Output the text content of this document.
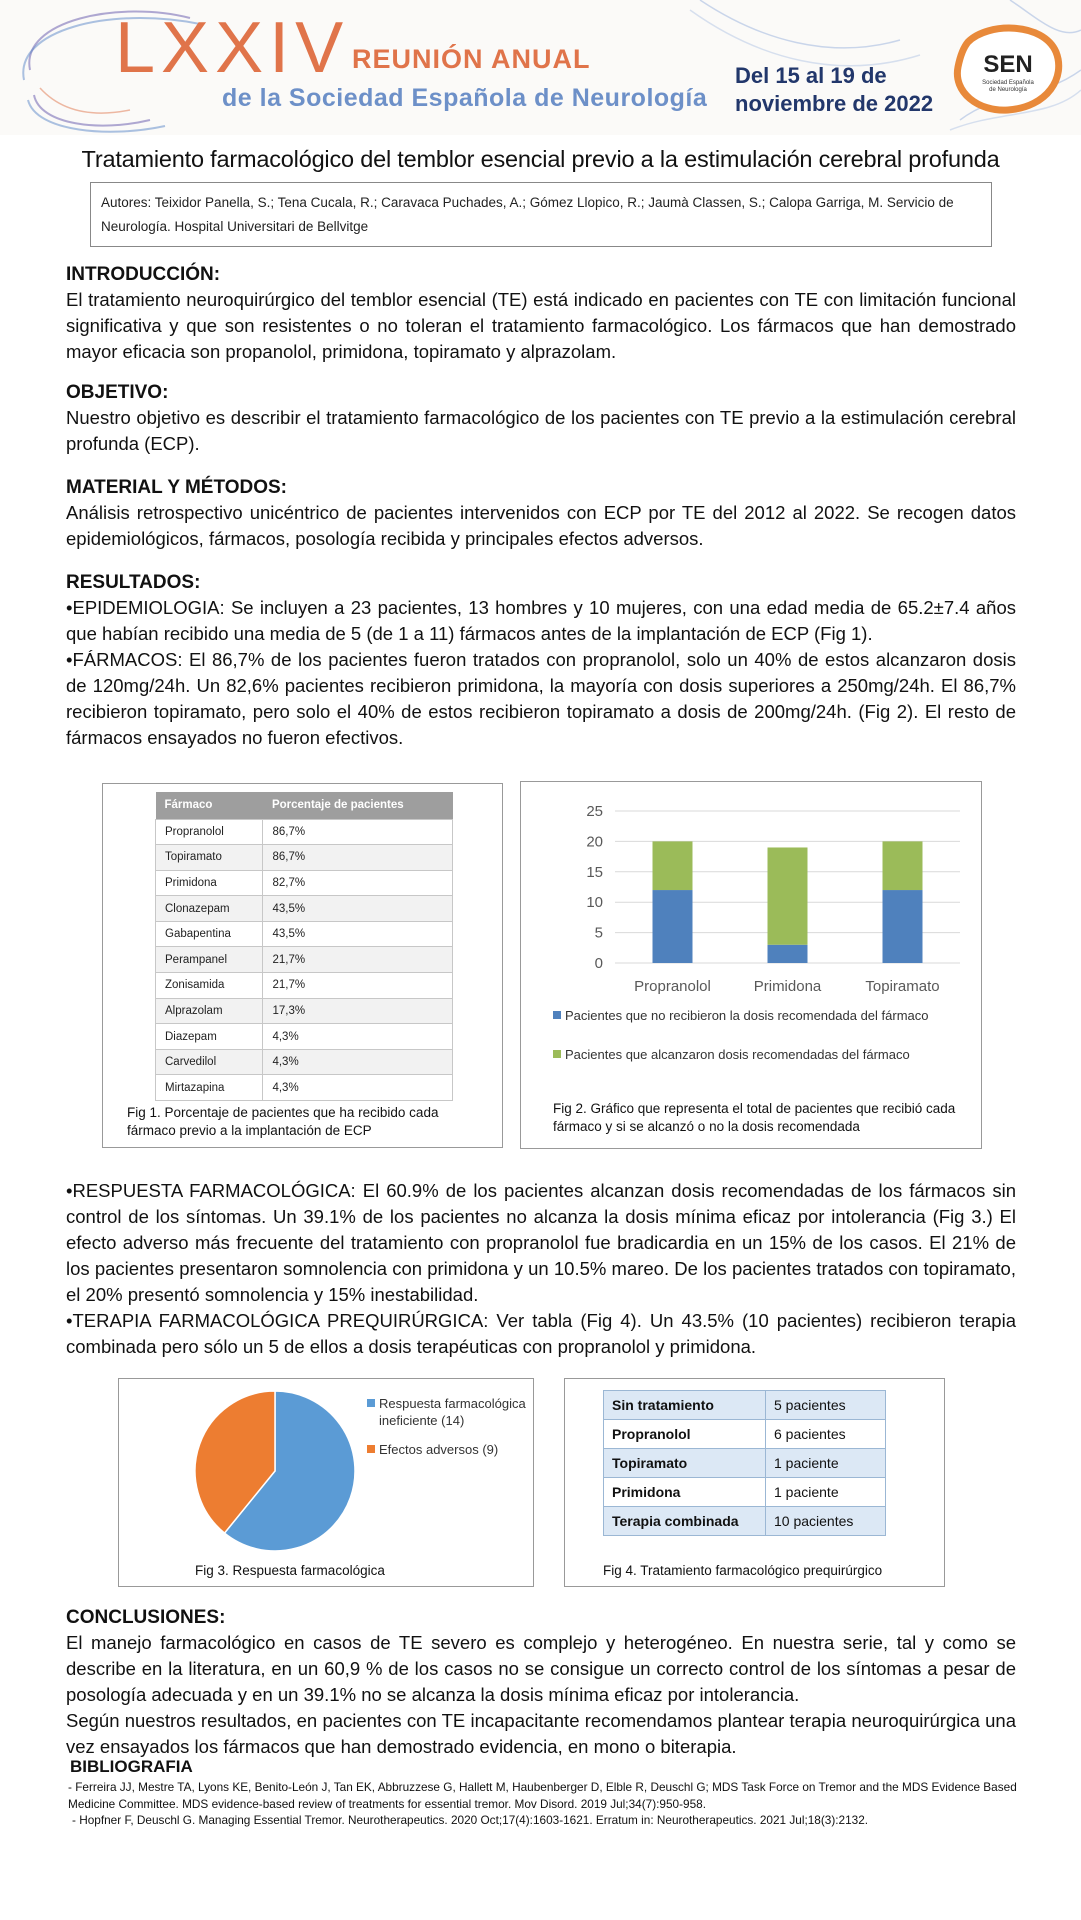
LXXIV REUNIÓN ANUAL
de la Sociedad Española de Neurología
Del 15 al 19 de
noviembre de 2022
SEN
Sociedad Española
de Neurología
Tratamiento farmacológico del temblor esencial previo a la estimulación cerebral profunda
Autores: Teixidor Panella, S.; Tena Cucala, R.; Caravaca Puchades, A.; Gómez Llopico, R.; Jaumà Classen, S.; Calopa Garriga, M. Servicio de Neurología. Hospital Universitari de Bellvitge
INTRODUCCIÓN:
El tratamiento neuroquirúrgico del temblor esencial (TE) está indicado en pacientes con TE con limitación funcional significativa y que son resistentes o no toleran el tratamiento farmacológico. Los fármacos que han demostrado mayor eficacia son propanolol, primidona, topiramato y alprazolam.
OBJETIVO:
Nuestro objetivo es describir el tratamiento farmacológico de los pacientes con TE previo a la estimulación cerebral profunda (ECP).
MATERIAL Y MÉTODOS:
Análisis retrospectivo unicéntrico de pacientes intervenidos con ECP por TE del 2012 al 2022. Se recogen datos epidemiológicos, fármacos, posología recibida y principales efectos adversos.
RESULTADOS:
•EPIDEMIOLOGIA: Se incluyen a 23 pacientes, 13 hombres y 10 mujeres, con una edad media de 65.2±7.4 años que habían recibido una media de 5 (de 1 a 11) fármacos antes de la implantación de ECP (Fig 1).
•FÁRMACOS: El 86,7% de los pacientes fueron tratados con propranolol, solo un 40% de estos alcanzaron dosis de 120mg/24h. Un 82,6% pacientes recibieron primidona, la mayoría con dosis superiores a 250mg/24h. El 86,7% recibieron topiramato, pero solo el 40% de estos recibieron topiramato a dosis de 200mg/24h. (Fig 2). El resto de fármacos ensayados no fueron efectivos.
Fármaco	Porcentaje de pacientes
Propranolol	86,7%
Topiramato	86,7%
Primidona	82,7%
Clonazepam	43,5%
Gabapentina	43,5%
Perampanel	21,7%
Zonisamida	21,7%
Alprazolam	17,3%
Diazepam	4,3%
Carvedilol	4,3%
Mirtazapina	4,3%
Fig 1. Porcentaje de pacientes que ha recibido cada fármaco previo a la implantación de ECP
0
5
10
15
20
25
Propranolol	Primidona	Topiramato
Pacientes que no recibieron la dosis recomendada del fármaco
Pacientes que alcanzaron dosis recomendadas del fármaco
Fig 2. Gráfico que representa el total de pacientes que recibió cada fármaco y si se alcanzó o no la dosis recomendada
•RESPUESTA FARMACOLÓGICA: El 60.9% de los pacientes alcanzan dosis recomendadas de los fármacos sin control de los síntomas. Un 39.1% de los pacientes no alcanza la dosis mínima eficaz por intolerancia (Fig 3.) El efecto adverso más frecuente del tratamiento con propranolol fue bradicardia en un 15% de los casos. El 21% de los pacientes presentaron somnolencia con primidona y un 10.5% mareo. De los pacientes tratados con topiramato, el 20% presentó somnolencia y 15% inestabilidad.
•TERAPIA FARMACOLÓGICA PREQUIRÚRGICA: Ver tabla (Fig 4). Un 43.5% (10 pacientes) recibieron terapia combinada pero sólo un 5 de ellos a dosis terapéuticas con propranolol y primidona.
Respuesta farmacológica ineficiente (14)
Efectos adversos (9)
Fig 3. Respuesta farmacológica
Sin tratamiento	5 pacientes
Propranolol	6 pacientes
Topiramato	1 paciente
Primidona	1 paciente
Terapia combinada	10 pacientes
Fig 4. Tratamiento farmacológico prequirúrgico
CONCLUSIONES:
El manejo farmacológico en casos de TE severo es complejo y heterogéneo. En nuestra serie, tal y como se describe en la literatura, en un 60,9 % de los casos no se consigue un correcto control de los síntomas a pesar de posología adecuada y en un 39.1% no se alcanza la dosis mínima eficaz por intolerancia.
Según nuestros resultados, en pacientes con TE incapacitante recomendamos plantear terapia neuroquirúrgica una vez ensayados los fármacos que han demostrado evidencia, en mono o biterapia.
BIBLIOGRAFIA
- Ferreira JJ, Mestre TA, Lyons KE, Benito-León J, Tan EK, Abbruzzese G, Hallett M, Haubenberger D, Elble R, Deuschl G; MDS Task Force on Tremor and the MDS Evidence Based Medicine Committee. MDS evidence-based review of treatments for essential tremor. Mov Disord. 2019 Jul;34(7):950-958.
- Hopfner F, Deuschl G. Managing Essential Tremor. Neurotherapeutics. 2020 Oct;17(4):1603-1621. Erratum in: Neurotherapeutics. 2021 Jul;18(3):2132.
